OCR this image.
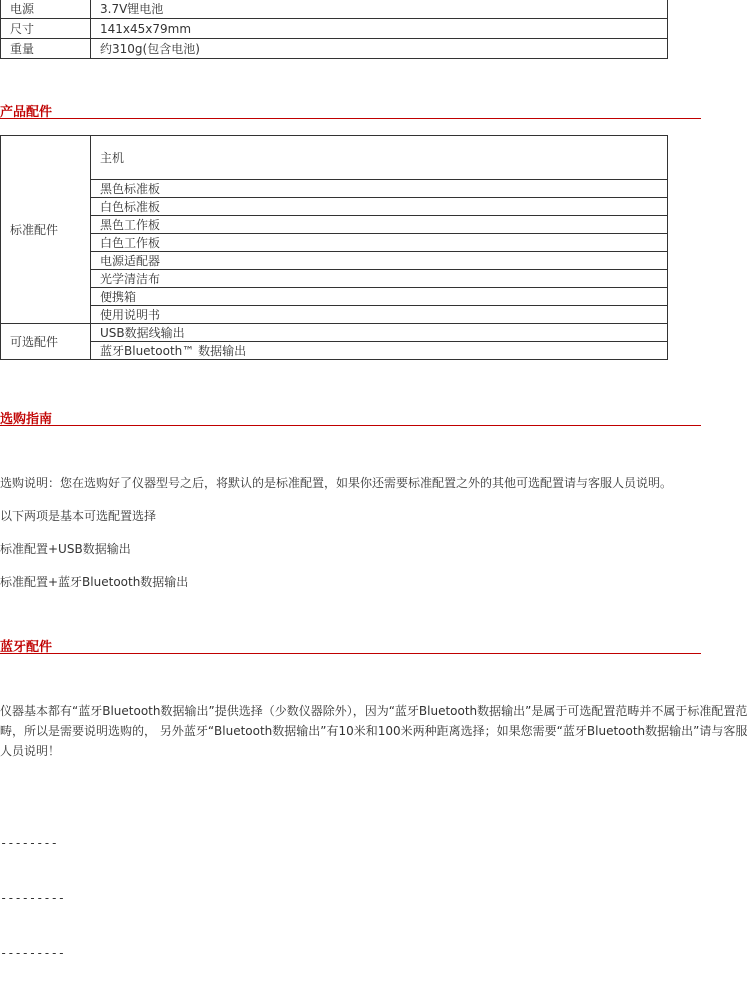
电源	3.7V锂电池
尺寸	141x45x79mm
重量	约310g(包含电池)
产品配件
标准配件	主机
	黑色标准板
	白色标准板
	黑色工作板
	白色工作板
	电源适配器
	光学清洁布
	便携箱
	使用说明书
可选配件	USB数据线输出
	蓝牙Bluetooth™ 数据输出
选购指南

选购说明：您在选购好了仪器型号之后，将默认的是标准配置，如果你还需要标准配置之外的其他可选配置请与客服人员说明。

以下两项是基本可选配置选择

标准配置+USB数据输出

标准配置+蓝牙Bluetooth数据输出

蓝牙配件

仪器基本都有“蓝牙Bluetooth数据输出”提供选择（少数仪器除外），因为“蓝牙Bluetooth数据输出”是属于可选配置范畴并不属于标准配置范畴，所以是需要说明选购的， 另外蓝牙“Bluetooth数据输出”有10米和100米两种距离选择；如果您需要“蓝牙Bluetooth数据输出”请与客服人员说明！

--------
---------
---------
